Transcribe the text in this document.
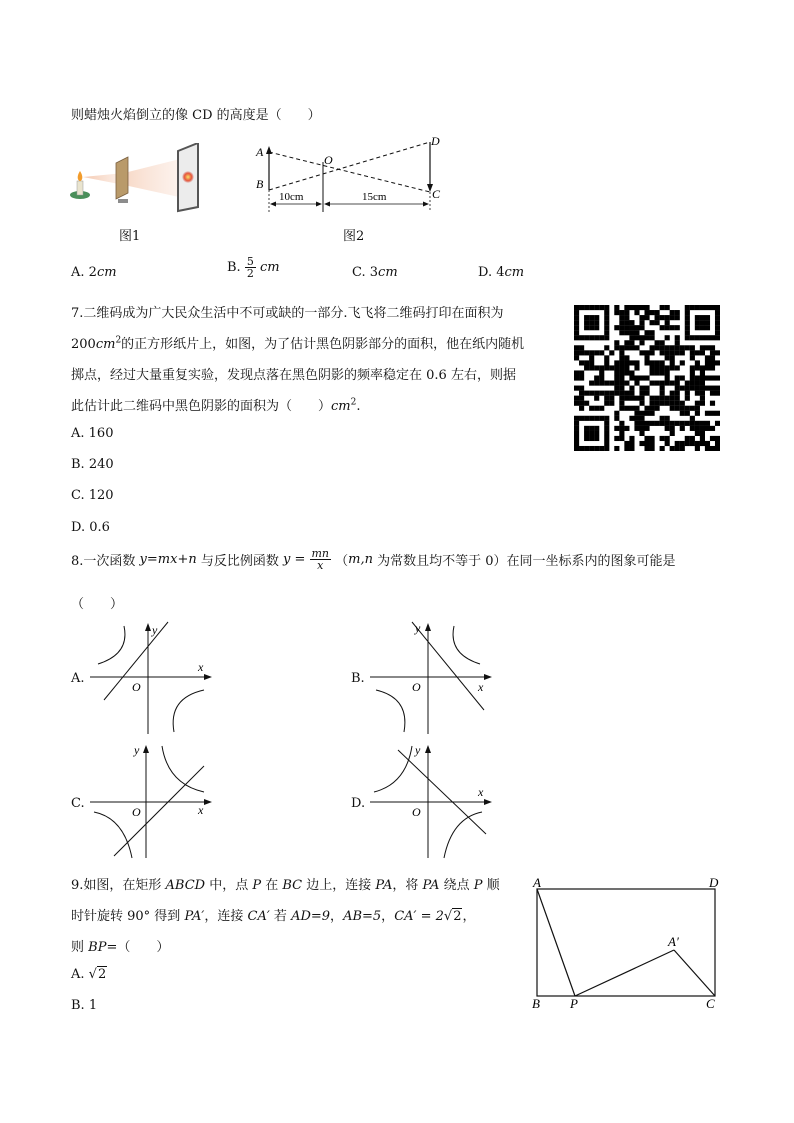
则蜡烛火焰倒立的像 CD 的高度是（　　）
图1
A
B
O
D
C
10cm	15cm
图2
A. 2cm	B. $\frac{5}{2}$ cm	C. 3cm	D. 4cm
7.二维码成为广大民众生活中不可或缺的一部分.飞飞将二维码打印在面积为
$200cm^2$的正方形纸片上，如图，为了估计黑色阴影部分的面积，他在纸内随机
掷点，经过大量重复实验，发现点落在黑色阴影的频率稳定在 0.6 左右，则据
此估计此二维码中黑色阴影的面积为（　　）$cm^2$.
A. 160
B. 240
C. 120
D. 0.6
8.一次函数 y=mx+n 与反比例函数 $y = \frac{mn}{x} (m,n$ 为常数且均不等于 0）在同一坐标系内的图象可能是
（　　）
A.
x
y
O
B.
x
y
O
C.	x
y
O
D.
x
y
O
9.如图，在矩形 ABCD 中，点 P 在 BC 边上，连接 PA，将 PA 绕点 P 顺
时针旋转 90° 得到 PA′，连接 CA′ 若 AD=9，AB=5，CA′ = 2√2，
则 BP=（　　）
A. √2
B. 1
A	D
B P	C
A′
